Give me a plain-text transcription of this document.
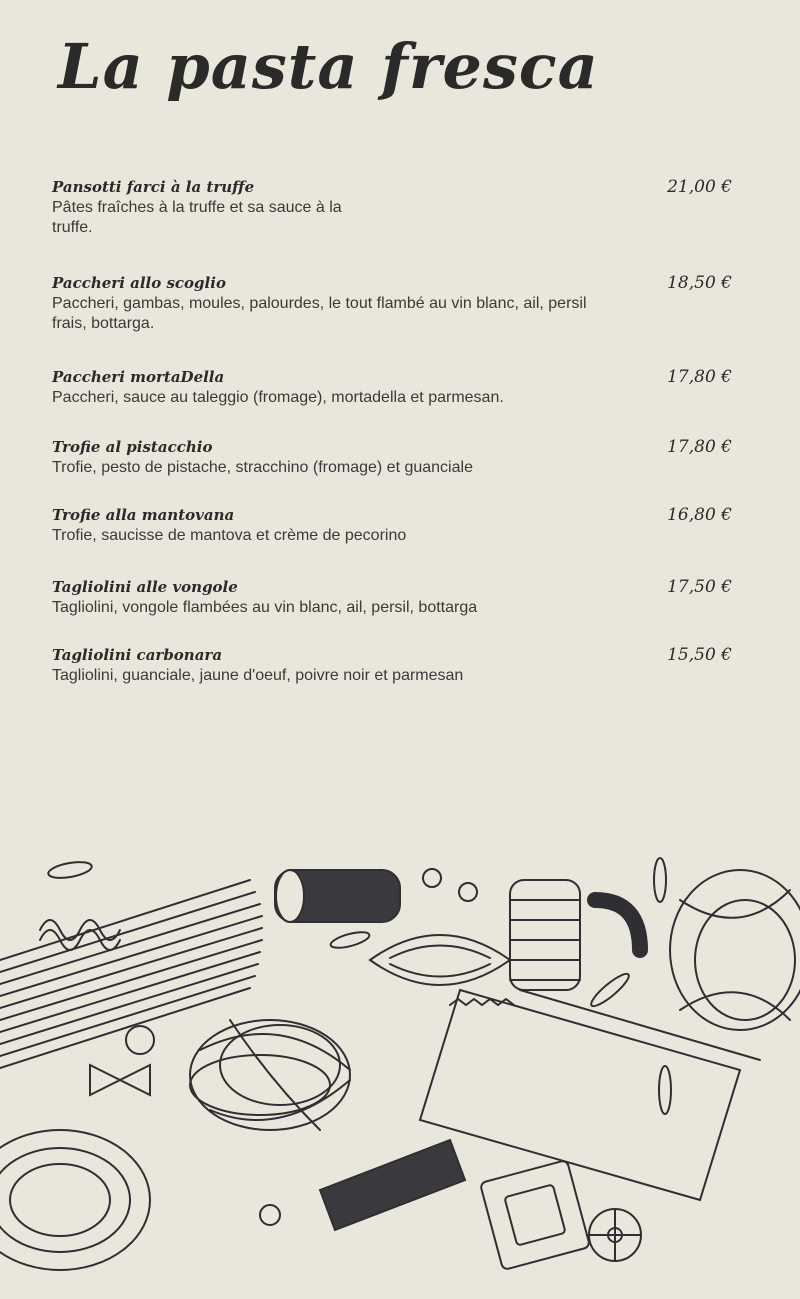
La pasta fresca
Pansotti farci à la truffe	21,00 €
Pâtes fraîches à la truffe et sa sauce à la truffe.
Paccheri allo scoglio	18,50 €
Paccheri, gambas, moules, palourdes, le tout flambé au vin blanc, ail, persil frais, bottarga.
Paccheri mortaDella	17,80 €
Paccheri, sauce au taleggio (fromage), mortadella et parmesan.
Trofie al pistacchio	17,80 €
Trofie, pesto de pistache, stracchino (fromage) et guanciale
Trofie alla mantovana	16,80 €
Trofie, saucisse de mantova et crème de pecorino
Tagliolini alle vongole	17,50 €
Tagliolini, vongole flambées au vin blanc, ail, persil, bottarga
Tagliolini carbonara	15,50 €
Tagliolini, guanciale, jaune d'oeuf, poivre noir et parmesan
